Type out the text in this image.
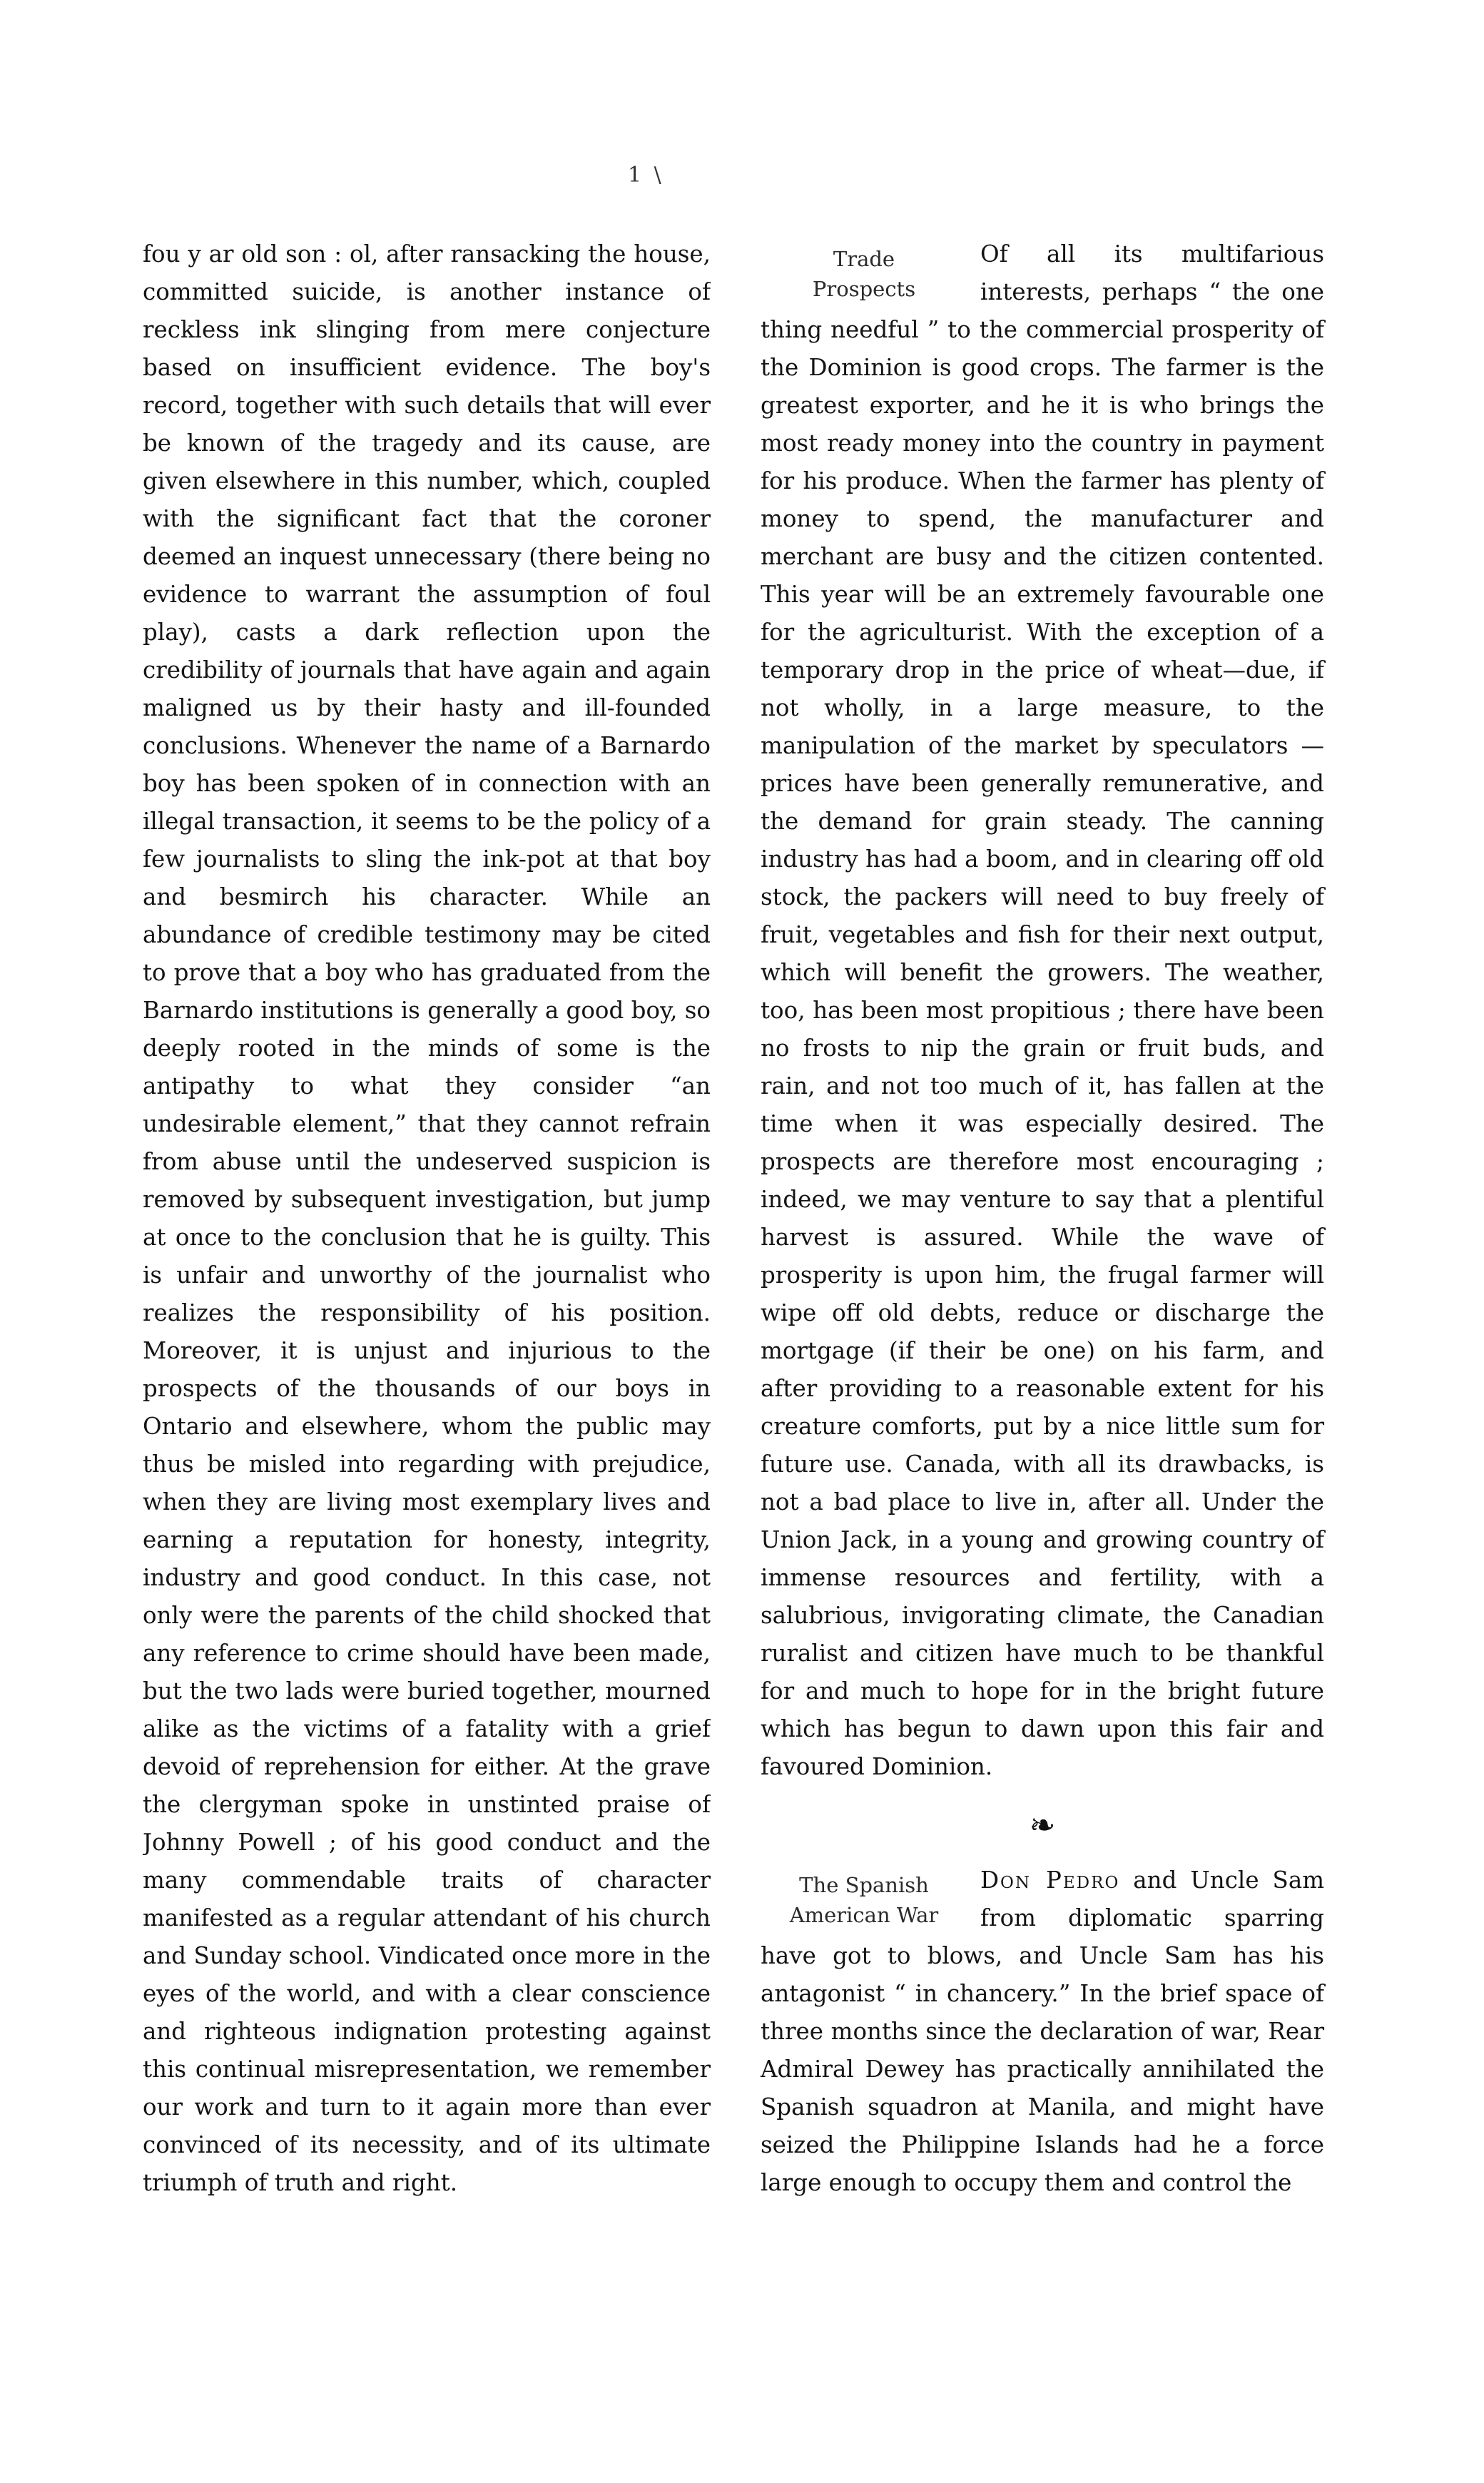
1 \

fou y ar old son : ol, after ransacking the house, committed suicide, is another instance of reckless ink slinging from mere conjecture based on insufficient evidence. The boy's record, together with such details that will ever be known of the tragedy and its cause, are given elsewhere in this number, which, coupled with the significant fact that the coroner deemed an inquest unnecessary (there being no evidence to warrant the assumption of foul play), casts a dark reflection upon the credibility of journals that have again and again maligned us by their hasty and ill-founded conclusions. Whenever the name of a Barnardo boy has been spoken of in connection with an illegal transaction, it seems to be the policy of a few journalists to sling the ink-pot at that boy and besmirch his character. While an abundance of credible testimony may be cited to prove that a boy who has graduated from the Barnardo institutions is generally a good boy, so deeply rooted in the minds of some is the antipathy to what they consider “an undesirable element,” that they cannot refrain from abuse until the undeserved suspicion is removed by subsequent investigation, but jump at once to the conclusion that he is guilty. This is unfair and unworthy of the journalist who realizes the responsibility of his position. Moreover, it is unjust and injurious to the prospects of the thousands of our boys in Ontario and elsewhere, whom the public may thus be misled into regarding with prejudice, when they are living most exemplary lives and earning a reputation for honesty, integrity, industry and good conduct. In this case, not only were the parents of the child shocked that any reference to crime should have been made, but the two lads were buried together, mourned alike as the victims of a fatality with a grief devoid of reprehension for either. At the grave the clergyman spoke in unstinted praise of Johnny Powell ; of his good conduct and the many commendable traits of character manifested as a regular attendant of his church and Sunday school. Vindicated once more in the eyes of the world, and with a clear conscience and righteous indignation protesting against this continual misrepresentation, we remember our work and turn to it again more than ever convinced of its necessity, and of its ultimate triumph of truth and right.

Trade
Prospects

Of all its multifarious interests, perhaps “ the one thing needful ” to the commercial prosperity of the Dominion is good crops. The farmer is the greatest exporter, and he it is who brings the most ready money into the country in payment for his produce. When the farmer has plenty of money to spend, the manufacturer and merchant are busy and the citizen contented. This year will be an extremely favourable one for the agriculturist. With the exception of a temporary drop in the price of wheat—due, if not wholly, in a large measure, to the manipulation of the market by speculators —prices have been generally remunerative, and the demand for grain steady. The canning industry has had a boom, and in clearing off old stock, the packers will need to buy freely of fruit, vegetables and fish for their next output, which will benefit the growers. The weather, too, has been most propitious ; there have been no frosts to nip the grain or fruit buds, and rain, and not too much of it, has fallen at the time when it was especially desired. The prospects are therefore most encouraging ; indeed, we may venture to say that a plentiful harvest is assured. While the wave of prosperity is upon him, the frugal farmer will wipe off old debts, reduce or discharge the mortgage (if their be one) on his farm, and after providing to a reasonable extent for his creature comforts, put by a nice little sum for future use. Canada, with all its drawbacks, is not a bad place to live in, after all. Under the Union Jack, in a young and growing country of immense resources and fertility, with a salubrious, invigorating climate, the Canadian ruralist and citizen have much to be thankful for and much to hope for in the bright future which has begun to dawn upon this fair and favoured Dominion.

❧
The Spanish
American War

Don Pedro and Uncle Sam from diplomatic sparring have got to blows, and Uncle Sam has his antagonist “ in chancery.” In the brief space of three months since the declaration of war, Rear Admiral Dewey has practically annihilated the Spanish squadron at Manila, and might have seized the Philippine Islands had he a force large enough to occupy them and control the
